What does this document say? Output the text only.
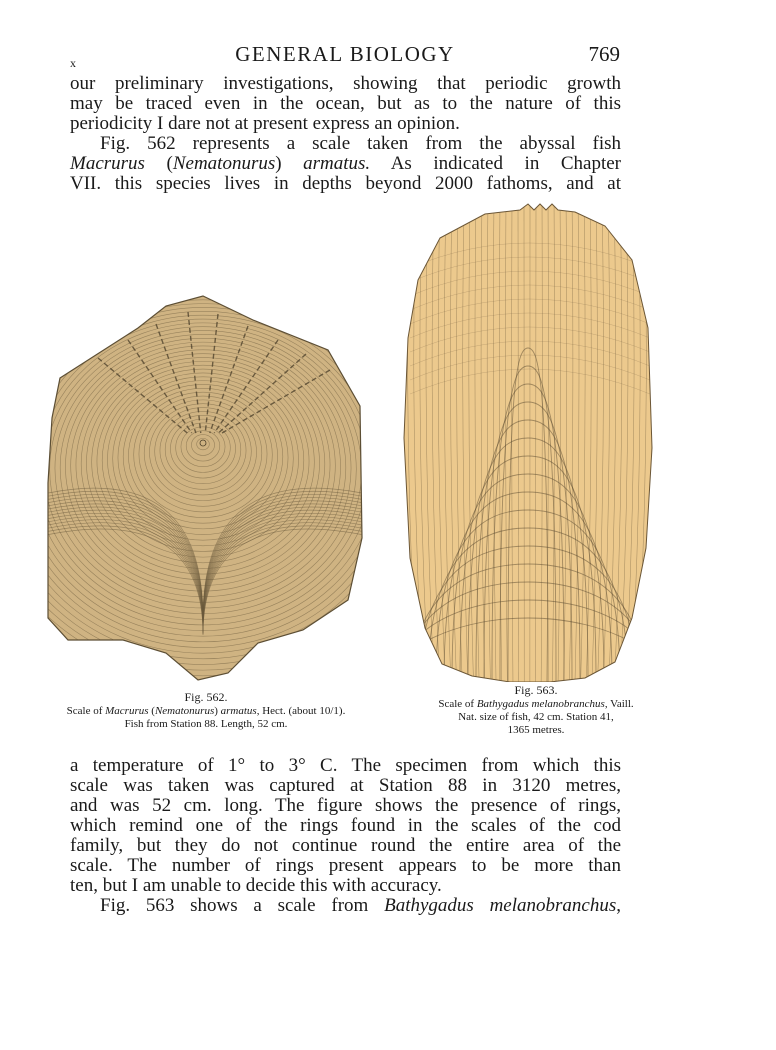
x	GENERAL BIOLOGY	769
our preliminary investigations, showing that periodic growth
may be traced even in the ocean, but as to the nature of this
periodicity I dare not at present express an opinion.
Fig. 562 represents a scale taken from the abyssal fish
Macrurus (Nematonurus) armatus. As indicated in Chapter
VII. this species lives in depths beyond 2000 fathoms, and at
Fig. 562.
Scale of Macrurus (Nematonurus) armatus, Hect. (about 10/1).
Fish from Station 88. Length, 52 cm.
Fig. 563.
Scale of Bathygadus melanobranchus, Vaill.
Nat. size of fish, 42 cm. Station 41,
1365 metres.
a temperature of 1° to 3° C. The specimen from which this
scale was taken was captured at Station 88 in 3120 metres,
and was 52 cm. long. The figure shows the presence of rings,
which remind one of the rings found in the scales of the cod
family, but they do not continue round the entire area of the
scale. The number of rings present appears to be more than
ten, but I am unable to decide this with accuracy.
Fig. 563 shows a scale from Bathygadus melanobranchus,
